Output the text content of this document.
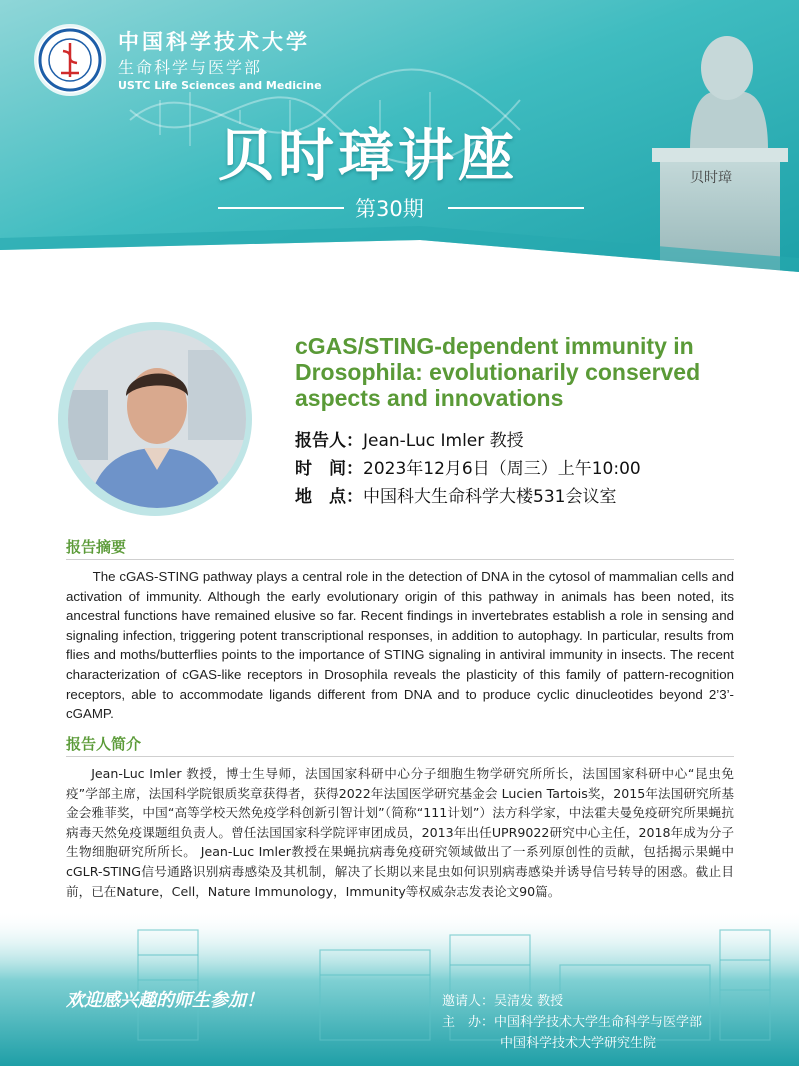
贝时璋
中国科学技术大学
生命科学与医学部
USTC Life Sciences and Medicine
贝时璋讲座
第30期
cGAS/STING-dependent immunity in Drosophila: evolutionarily conserved aspects and innovations
报告人：Jean-Luc Imler 教授
时　间：2023年12月6日（周三）上午10:00
地　点：中国科大生命科学大楼531会议室
报告摘要

The cGAS-STING pathway plays a central role in the detection of DNA in the cytosol of mammalian cells and activation of immunity. Although the early evolutionary origin of this pathway in animals has been noted, its ancestral functions have remained elusive so far. Recent findings in invertebrates establish a role in sensing and signaling infection, triggering potent transcriptional responses, in addition to autophagy. In particular, results from flies and moths/butterflies points to the importance of STING signaling in antiviral immunity in insects. The recent characterization of cGAS-like receptors in Drosophila reveals the plasticity of this family of pattern-recognition receptors, able to accommodate ligands different from DNA and to produce cyclic dinucleotides beyond 2’3’-cGAMP.

报告人简介

Jean-Luc Imler 教授，博士生导师，法国国家科研中心分子细胞生物学研究所所长，法国国家科研中心“昆虫免疫”学部主席，法国科学院银质奖章获得者，获得2022年法国医学研究基金会 Lucien Tartois奖，2015年法国研究所基金会雅菲奖，中国“高等学校天然免疫学科创新引智计划”（简称“111计划”）法方科学家，中法霍夫曼免疫研究所果蝇抗病毒天然免疫课题组负责人。曾任法国国家科学院评审团成员，2013年出任UPR9022研究中心主任，2018年成为分子生物细胞研究所所长。 Jean-Luc Imler教授在果蝇抗病毒免疫研究领域做出了一系列原创性的贡献，包括揭示果蝇中cGLR-STING信号通路识别病毒感染及其机制，解决了长期以来昆虫如何识别病毒感染并诱导信号转导的困惑。截止目前，已在Nature，Cell，Nature Immunology，Immunity等权威杂志发表论文90篇。

欢迎感兴趣的师生参加！	邀请人：吴清发 教授
主　办：中国科学技术大学生命科学与医学部
中国科学技术大学研究生院
